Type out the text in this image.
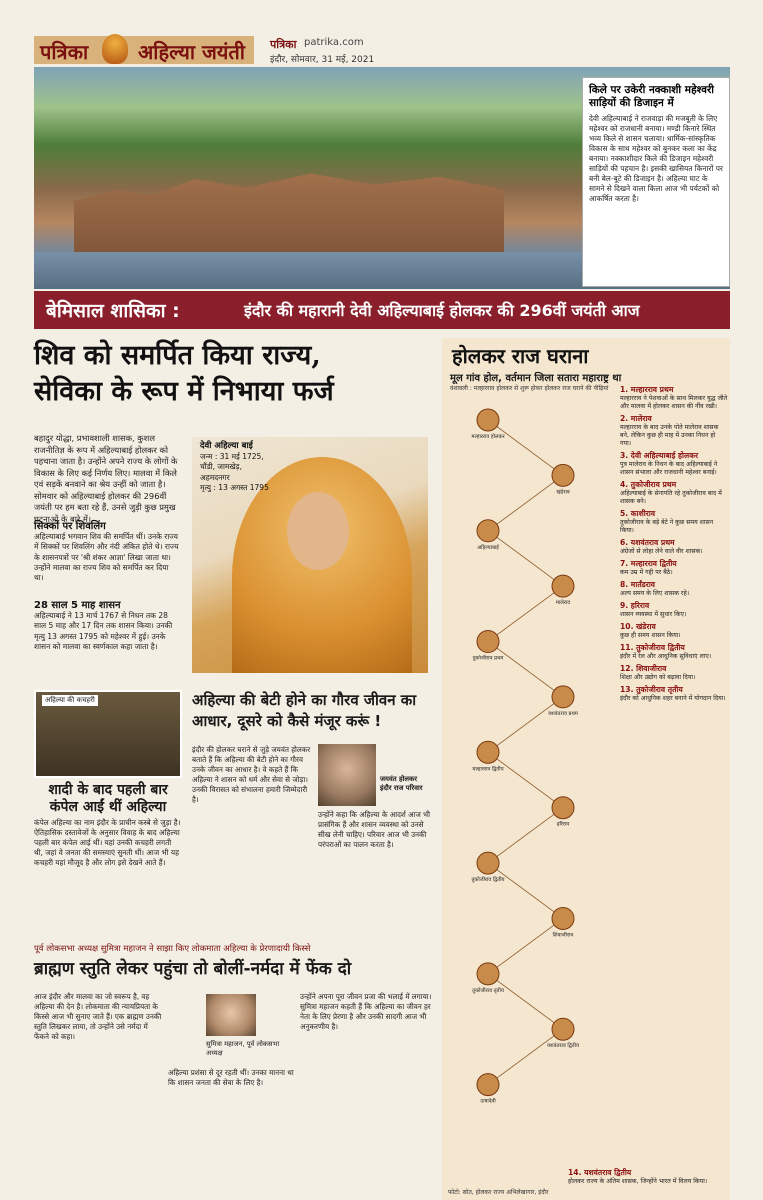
पत्रिका अहिल्या जयंती पत्रिका patrika.com
इंदौर, सोमवार, 31 मई, 2021
किले पर उकेरी नक्काशी महेश्वरी साड़ियों की डिजाइन में

देवी अहिल्याबाई ने राजवाड़ा की मजबूती के लिए महेश्वर को राजधानी बनाया। मण्डी किनारे स्थित भव्य किले से शासन चलाया। धार्मिक-सांस्कृतिक विकास के साथ महेश्वर को बुनकर कला का केंद्र बनाया। नक्काशीदार किले की डिजाइन महेश्वरी साड़ियों की पहचान है। इसकी खासियत किनारों पर बनी बेल-बूटे की डिजाइन है। अहिल्या घाट के सामने से दिखने वाला किला आज भी पर्यटकों को आकर्षित करता है।

बेमिसाल शासिका :	इंदौर की महारानी देवी अहिल्याबाई होलकर की 296वीं जयंती आज
शिव को समर्पित किया राज्य,
सेविका के रूप में निभाया फर्ज
बहादुर योद्धा, प्रभावशाली शासक, कुशल राजनीतिज्ञ के रूप में अहिल्याबाई होलकर को पहचाना जाता है। उन्होंने अपने राज्य के लोगों के विकास के लिए कई निर्णय लिए। मालवा में किले एवं सड़कें बनवाने का श्रेय उन्हीं को जाता है। सोमवार को अहिल्याबाई होलकर की 296वीं जयंती पर हम बता रहे हैं, उनसे जुड़ी कुछ प्रमुख घटनाओं के बारे में।
देवी अहिल्या बाई
जन्म : 31 मई 1725,
चौंडी, जामखेड़,
अहमदनगर
मृत्यु : 13 अगस्त 1795
सिक्कों पर शिवलिंग
अहिल्याबाई भगवान शिव की समर्पित थीं। उनके राज्य में सिक्कों पर शिवलिंग और नंदी अंकित होते थे। राज्य के शासनपत्रों पर 'श्री शंकर आज्ञा' लिखा जाता था। उन्होंने मालवा का राज्य शिव को समर्पित कर दिया था।
28 साल 5 माह शासन
अहिल्याबाई ने 13 मार्च 1767 से निधन तक 28 साल 5 माह और 17 दिन तक शासन किया। उनकी मृत्यु 13 अगस्त 1795 को महेश्वर में हुई। उनके शासन को मालवा का स्वर्णकाल कहा जाता है।
अहिल्या की कचहरी
शादी के बाद पहली बार कंपेल आईं थीं अहिल्या
कंपेल अहिल्या का नाम इंदौर के प्राचीन कस्बे से जुड़ा है। ऐतिहासिक दस्तावेजों के अनुसार विवाह के बाद अहिल्या पहली बार कंपेल आई थीं। यहां उनकी कचहरी लगती थी, जहां वे जनता की समस्याएं सुनती थीं। आज भी यह कचहरी यहां मौजूद है और लोग इसे देखने आते हैं।
अहिल्या की बेटी होने का गौरव जीवन का आधार, दूसरे को कैसे मंजूर करूं !
इंदौर की होलकर घराने से जुड़े जयवंत होलकर बताते हैं कि अहिल्या की बेटी होने का गौरव उनके जीवन का आधार है। वे कहते हैं कि अहिल्या ने शासन को धर्म और सेवा से जोड़ा। उनकी विरासत को संभालना हमारी जिम्मेदारी है।
जयवंत होलकर
इंदौर राज परिवार
उन्होंने कहा कि अहिल्या के आदर्श आज भी प्रासंगिक हैं और शासन व्यवस्था को उनसे सीख लेनी चाहिए। परिवार आज भी उनकी परंपराओं का पालन करता है।
पूर्व लोकसभा अध्यक्ष सुमित्रा महाजन ने साझा किए लोकमाता अहिल्या के प्रेरणादायी किस्से
ब्राह्मण स्तुति लेकर पहुंचा तो बोलीं-नर्मदा में फेंक दो
आज इंदौर और मालवा का जो स्वरूप है, वह अहिल्या की देन है। लोकमाता की न्यायप्रियता के किस्से आज भी सुनाए जाते हैं। एक ब्राह्मण उनकी स्तुति लिखकर लाया, तो उन्होंने उसे नर्मदा में फेंकने को कहा।
सुमित्रा महाजन, पूर्व लोकसभा अध्यक्ष
अहिल्या प्रशंसा से दूर रहती थीं। उनका मानना था कि शासन जनता की सेवा के लिए है।
उन्होंने अपना पूरा जीवन प्रजा की भलाई में लगाया। सुमित्रा महाजन कहती हैं कि अहिल्या का जीवन हर नेता के लिए प्रेरणा है और उनकी सादगी आज भी अनुकरणीय है।
होलकर राज घराना
मूल गांव होल, वर्तमान जिला सतारा महाराष्ट्र था
वंशावली : मल्हारराव होलकर से शुरू होकर होलकर राज घराने की पीढ़ियां
मल्हारराव होलकर
खंडेराव
अहिल्याबाई
मालेराव
तुकोजीराव प्रथम
यशवंतराव प्रथम
मल्हारराव द्वितीय
हरिराव
तुकोजीराव द्वितीय
शिवाजीराव
तुकोजीराव तृतीय
यशवंतराव द्वितीय
ऊषादेवी
1. मल्हारराव प्रथम
मल्हारराव ने पेशवाओं के साथ मिलकर युद्ध जीते और मालवा में होलकर शासन की नींव रखी।
2. मालेराव
मल्हारराव के बाद उनके पोते मालेराव शासक बने, लेकिन कुछ ही माह में उनका निधन हो गया।
3. देवी अहिल्याबाई होलकर
पुत्र मालेराव के निधन के बाद अहिल्याबाई ने शासन संभाला और राजधानी महेश्वर बनाई।
4. तुकोजीराव प्रथम
अहिल्याबाई के सेनापति रहे तुकोजीराव बाद में शासक बने।
5. काशीराव
तुकोजीराव के बड़े बेटे ने कुछ समय शासन किया।
6. यशवंतराव प्रथम
अंग्रेजों से लोहा लेने वाले वीर शासक।
7. मल्हारराव द्वितीय
कम उम्र में गद्दी पर बैठे।
8. मार्तंडराव
अल्प समय के लिए शासक रहे।
9. हरिराव
शासन व्यवस्था में सुधार किए।
10. खंडेराव
कुछ ही समय शासन किया।
11. तुकोजीराव द्वितीय
इंदौर में रेल और आधुनिक सुविधाएं लाए।
12. शिवाजीराव
शिक्षा और उद्योग को बढ़ावा दिया।
13. तुकोजीराव तृतीय
इंदौर को आधुनिक शहर बनाने में योगदान दिया।
14. यशवंतराव द्वितीय
होलकर राज्य के अंतिम शासक, जिन्होंने भारत में विलय किया।
फोटो: स्रोत, होलकर राज्य अभिलेखागार, इंदौर
